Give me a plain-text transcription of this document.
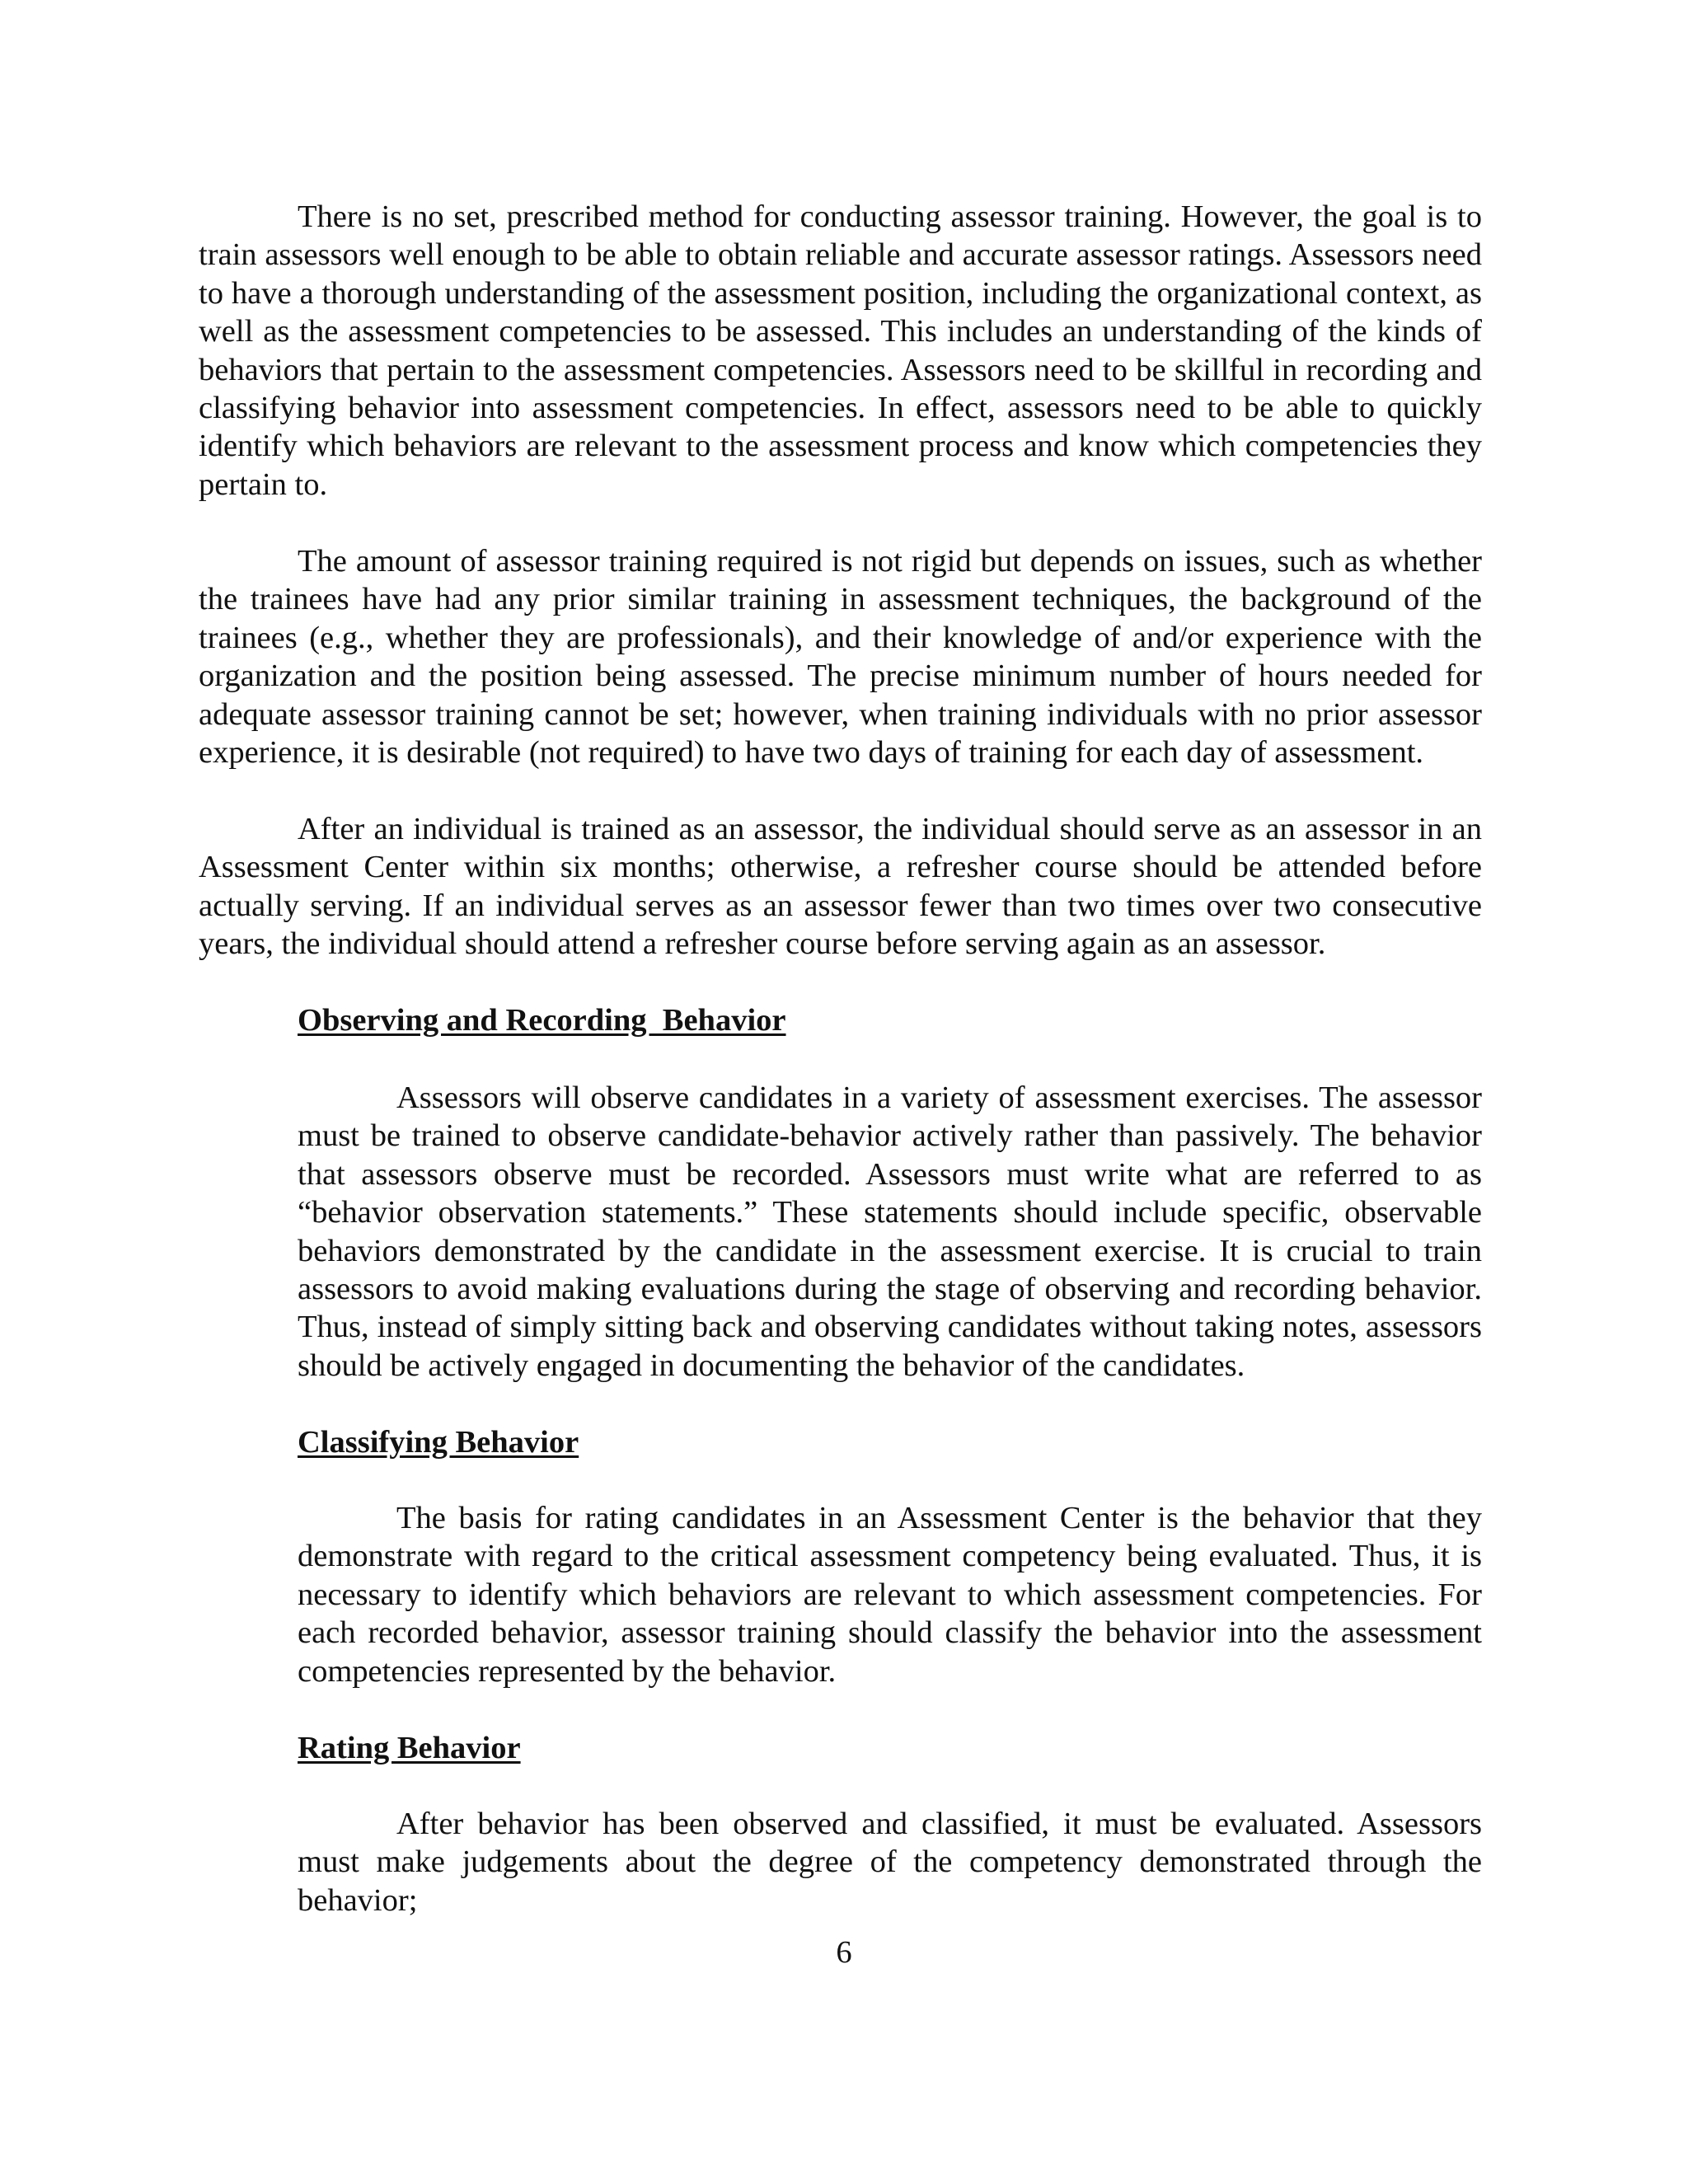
There is no set, prescribed method for conducting assessor training. However, the goal is to train assessors well enough to be able to obtain reliable and accurate assessor ratings. Assessors need to have a thorough understanding of the assessment position, including the organizational context, as well as the assessment competencies to be assessed. This includes an understanding of the kinds of behaviors that pertain to the assessment competencies. Assessors need to be skillful in recording and classifying behavior into assessment competencies. In effect, assessors need to be able to quickly identify which behaviors are relevant to the assessment process and know which competencies they pertain to.

The amount of assessor training required is not rigid but depends on issues, such as whether the trainees have had any prior similar training in assessment techniques, the background of the trainees (e.g., whether they are professionals), and their knowledge of and/or experience with the organization and the position being assessed. The precise minimum number of hours needed for adequate assessor training cannot be set; however, when training individuals with no prior assessor experience, it is desirable (not required) to have two days of training for each day of assessment.

After an individual is trained as an assessor, the individual should serve as an assessor in an Assessment Center within six months; otherwise, a refresher course should be attended before actually serving. If an individual serves as an assessor fewer than two times over two consecutive years, the individual should attend a refresher course before serving again as an assessor.

Observing and Recording  Behavior

Assessors will observe candidates in a variety of assessment exercises. The assessor must be trained to observe candidate-behavior actively rather than passively. The behavior that assessors observe must be recorded. Assessors must write what are referred to as “behavior observation statements.” These statements should include specific, observable behaviors demonstrated by the candidate in the assessment exercise. It is crucial to train assessors to avoid making evaluations during the stage of observing and recording behavior. Thus, instead of simply sitting back and observing candidates without taking notes, assessors should be actively engaged in documenting the behavior of the candidates.

Classifying Behavior

The basis for rating candidates in an Assessment Center is the behavior that they demonstrate with regard to the critical assessment competency being evaluated. Thus, it is necessary to identify which behaviors are relevant to which assessment competencies. For each recorded behavior, assessor training should classify the behavior into the assessment competencies represented by the behavior.

Rating Behavior

After behavior has been observed and classified, it must be evaluated. Assessors must make judgements about the degree of the competency demonstrated through the behavior;

6
